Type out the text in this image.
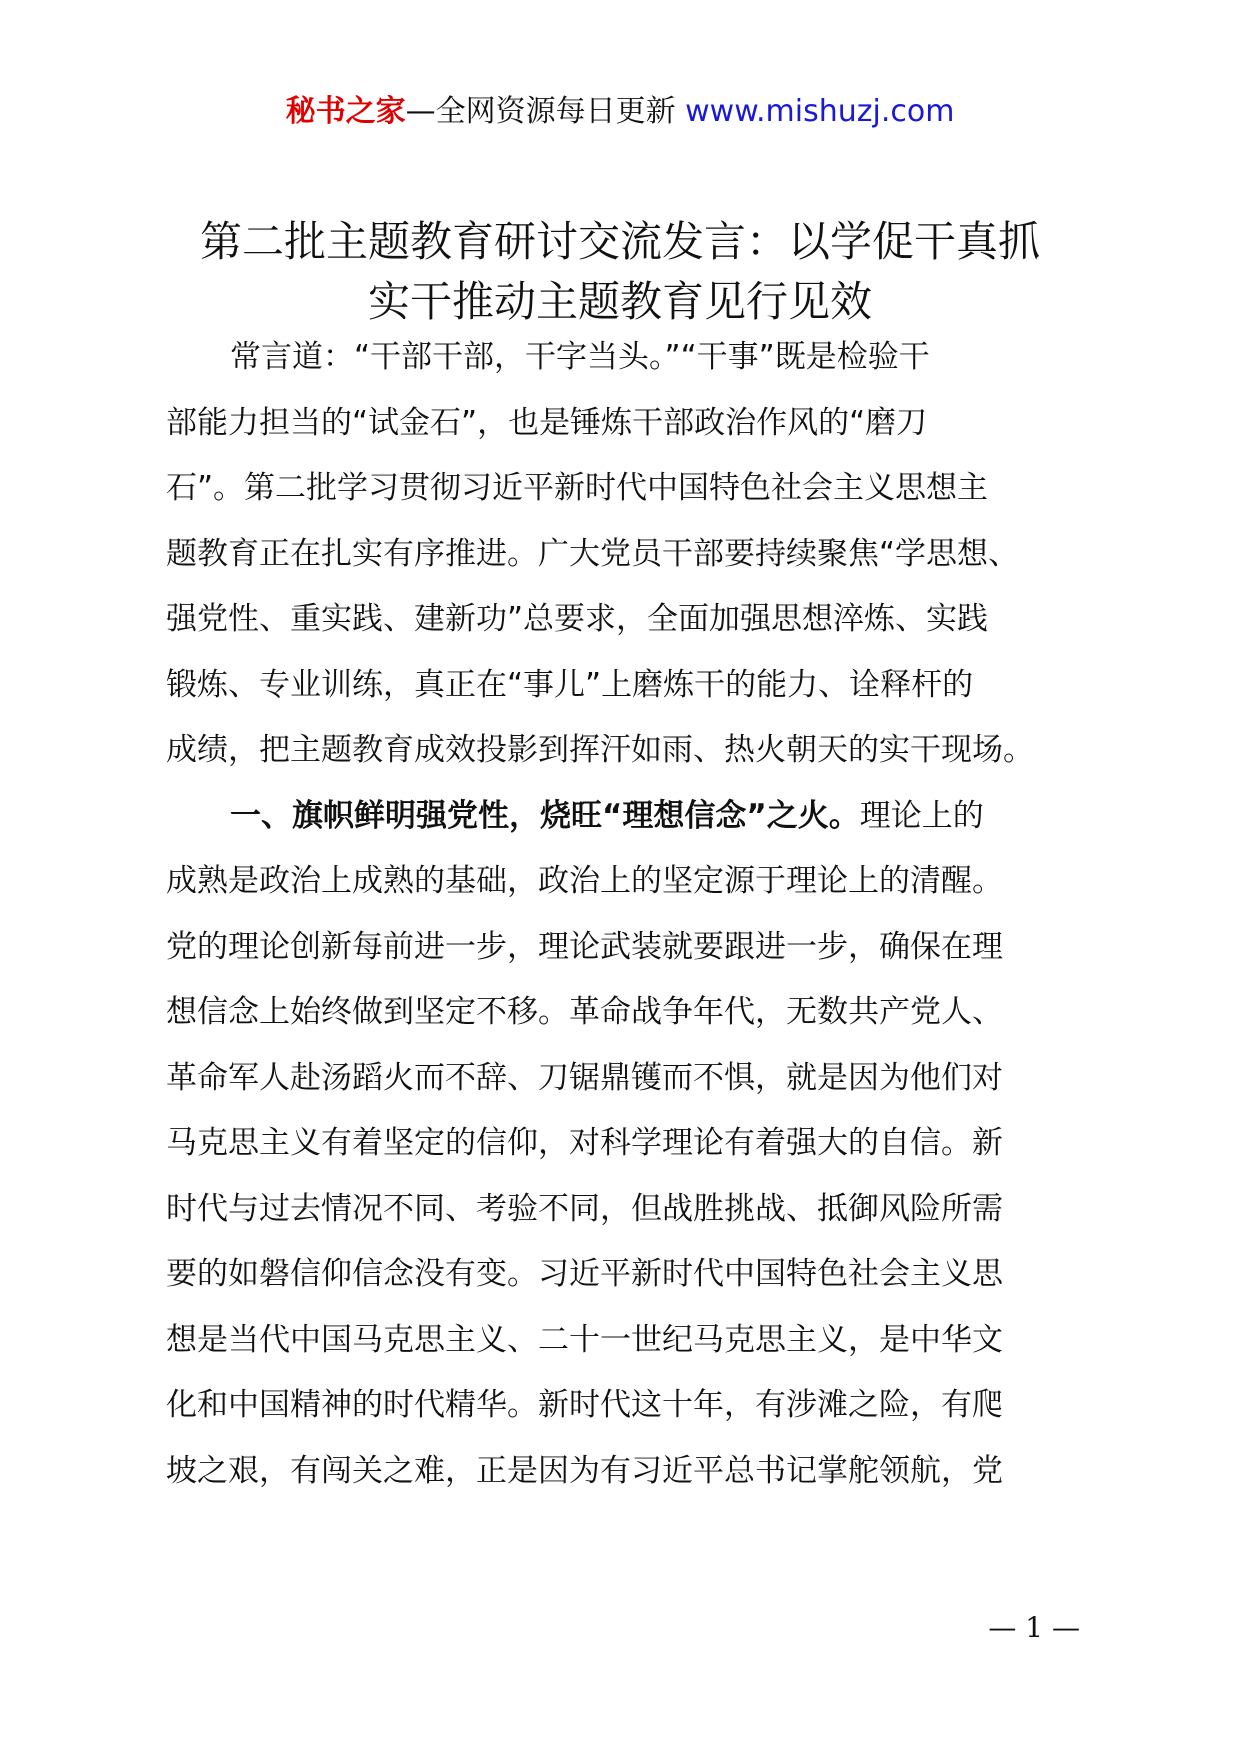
秘书之家—全网资源每日更新 www.mishuzj.com
第二批主题教育研讨交流发言：以学促干真抓
实干推动主题教育见行见效
常言道：“干部干部，干字当头。”“干事”既是检验干
部能力担当的“试金石”，也是锤炼干部政治作风的“磨刀
石”。第二批学习贯彻习近平新时代中国特色社会主义思想主
题教育正在扎实有序推进。广大党员干部要持续聚焦“学思想、
强党性、重实践、建新功”总要求，全面加强思想淬炼、实践
锻炼、专业训练，真正在“事儿”上磨炼干的能力、诠释杆的
成绩，把主题教育成效投影到挥汗如雨、热火朝天的实干现场。
一、旗帜鲜明强党性，烧旺“理想信念”之火。理论上的
成熟是政治上成熟的基础，政治上的坚定源于理论上的清醒。
党的理论创新每前进一步，理论武装就要跟进一步，确保在理
想信念上始终做到坚定不移。革命战争年代，无数共产党人、
革命军人赴汤蹈火而不辞、刀锯鼎镬而不惧，就是因为他们对
马克思主义有着坚定的信仰，对科学理论有着强大的自信。新
时代与过去情况不同、考验不同，但战胜挑战、抵御风险所需
要的如磐信仰信念没有变。习近平新时代中国特色社会主义思
想是当代中国马克思主义、二十一世纪马克思主义，是中华文
化和中国精神的时代精华。新时代这十年，有涉滩之险，有爬
坡之艰，有闯关之难，正是因为有习近平总书记掌舵领航，党
— 1 —
